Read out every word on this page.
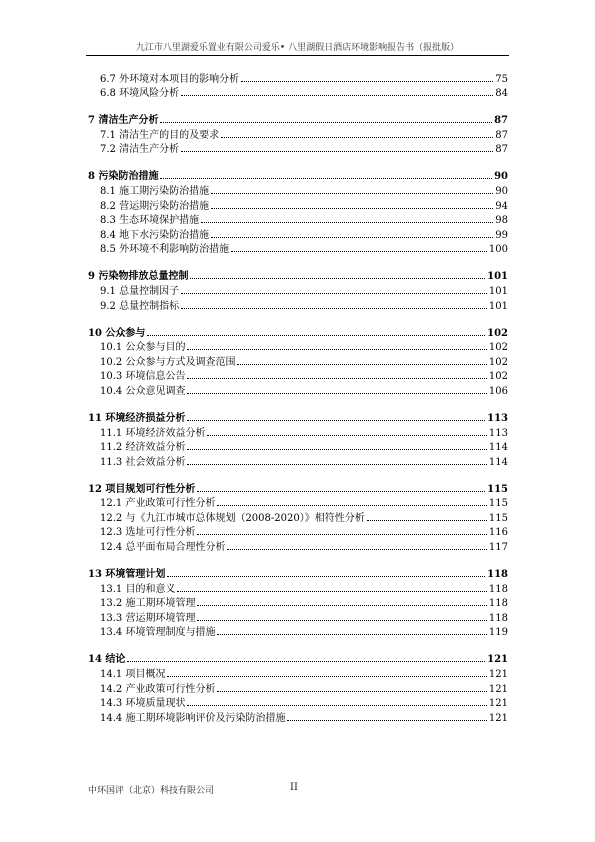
九江市八里湖爱乐置业有限公司爱乐• 八里湖假日酒店环境影响报告书（报批版）
6.7 外环境对本项目的影响分析	75
6.8 环境风险分析	84
7 清洁生产分析	87
7.1 清洁生产的目的及要求	87
7.2 清洁生产分析	87
8 污染防治措施	90
8.1 施工期污染防治措施	90
8.2 营运期污染防治措施	94
8.3 生态环境保护措施	98
8.4 地下水污染防治措施	99
8.5 外环境不利影响防治措施	100
9 污染物排放总量控制	101
9.1 总量控制因子	101
9.2 总量控制指标	101
10 公众参与	102
10.1 公众参与目的	102
10.2 公众参与方式及调查范围	102
10.3 环境信息公告	102
10.4 公众意见调查	106
11 环境经济损益分析	113
11.1 环境经济效益分析	113
11.2 经济效益分析	114
11.3 社会效益分析	114
12 项目规划可行性分析	115
12.1 产业政策可行性分析	115
12.2 与《九江市城市总体规划（2008-2020）》相符性分析	115
12.3 选址可行性分析	116
12.4 总平面布局合理性分析	117
13 环境管理计划	118
13.1 目的和意义	118
13.2 施工期环境管理	118
13.3 营运期环境管理	118
13.4 环境管理制度与措施	119
14 结论	121
14.1 项目概况	121
14.2 产业政策可行性分析	121
14.3 环境质量现状	121
14.4 施工期环境影响评价及污染防治措施	121
中环国评（北京）科技有限公司	II
